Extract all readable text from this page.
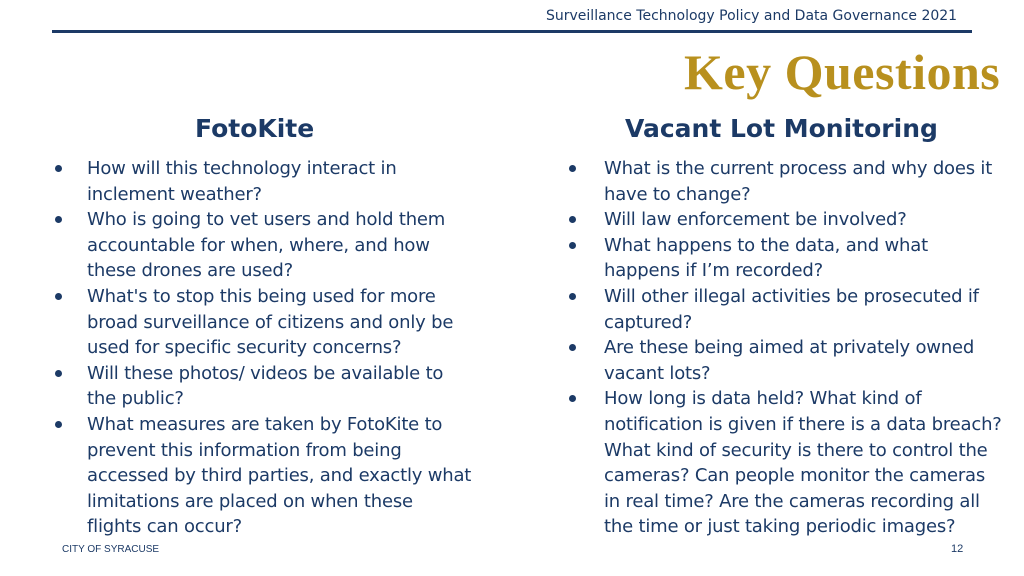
Surveillance Technology Policy and Data Governance 2021
Key Questions
FotoKite	Vacant Lot Monitoring
How will this technology interact in inclement weather?
Who is going to vet users and hold them accountable for when, where, and how these drones are used?
What's to stop this being used for more broad surveillance of citizens and only be used for specific security concerns?
Will these photos/ videos be available to the public?
What measures are taken by FotoKite to prevent this information from being accessed by third parties, and exactly what limitations are placed on when these flights can occur?
What is the current process and why does it have to change?
Will law enforcement be involved?
What happens to the data, and what happens if I’m recorded?
Will other illegal activities be prosecuted if captured?
Are these being aimed at privately owned vacant lots?
How long is data held? What kind of notification is given if there is a data breach? What kind of security is there to control the cameras? Can people monitor the cameras in real time? Are the cameras recording all the time or just taking periodic images?
CITY OF SYRACUSE	12
